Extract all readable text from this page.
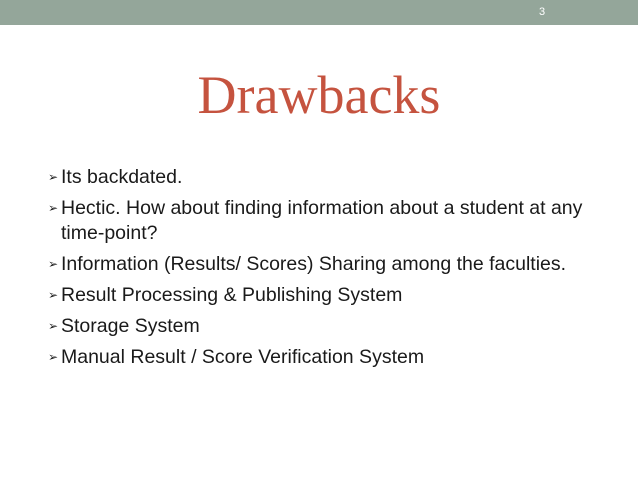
3
Drawbacks
➢ Its backdated.
➢ Hectic. How about finding information about a student at any time-point?
➢ Information (Results/ Scores) Sharing among the faculties.
➢ Result Processing & Publishing System
➢ Storage System
➢ Manual Result / Score Verification System
